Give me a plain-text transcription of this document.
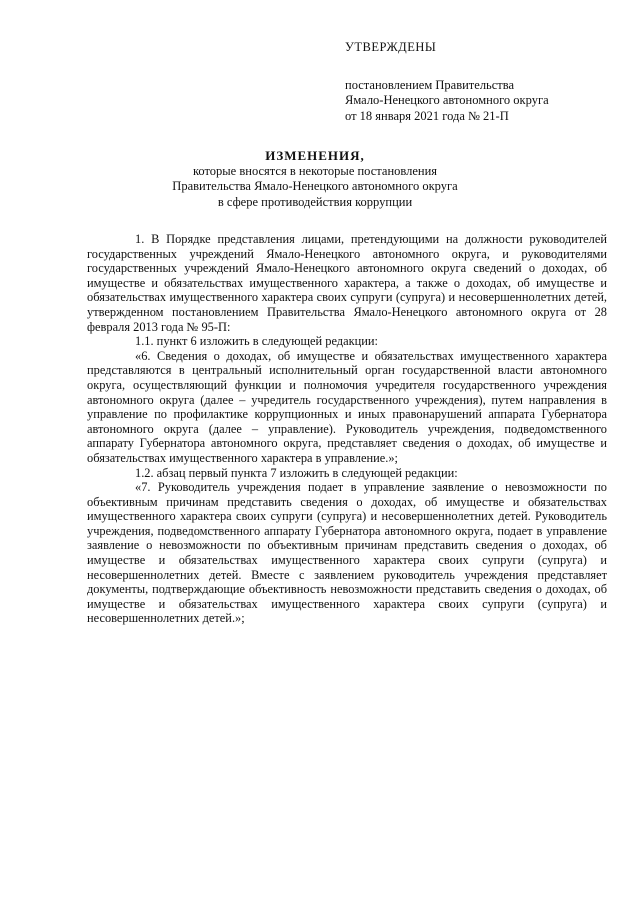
УТВЕРЖДЕНЫ
постановлением Правительства
Ямало-Ненецкого автономного округа
от 18 января 2021 года № 21-П
ИЗМЕНЕНИЯ,
которые вносятся в некоторые постановления
Правительства Ямало-Ненецкого автономного округа
в сфере противодействия коррупции

1. В Порядке представления лицами, претендующими на должности руководителей государственных учреждений Ямало-Ненецкого автономного округа, и руководителями государственных учреждений Ямало-Ненецкого автономного округа сведений о доходах, об имуществе и обязательствах имущественного характера, а также о доходах, об имуществе и обязательствах имущественного характера своих супруги (супруга) и несовершеннолетних детей, утвержденном постановлением Правительства Ямало-Ненецкого автономного округа от 28 февраля 2013 года № 95-П:

1.1. пункт 6 изложить в следующей редакции:

«6. Сведения о доходах, об имуществе и обязательствах имущественного характера представляются в центральный исполнительный орган государственной власти автономного округа, осуществляющий функции и полномочия учредителя государственного учреждения автономного округа (далее – учредитель государственного учреждения), путем направления в управление по профилактике коррупционных и иных правонарушений аппарата Губернатора автономного округа (далее – управление). Руководитель учреждения, подведомственного аппарату Губернатора автономного округа, представляет сведения о доходах, об имуществе и обязательствах имущественного характера в управление.»;

1.2. абзац первый пункта 7 изложить в следующей редакции:

«7. Руководитель учреждения подает в управление заявление о невозможности по объективным причинам представить сведения о доходах, об имуществе и обязательствах имущественного характера своих супруги (супруга) и несовершеннолетних детей. Руководитель учреждения, подведомственного аппарату Губернатора автономного округа, подает в управление заявление о невозможности по объективным причинам представить сведения о доходах, об имуществе и обязательствах имущественного характера своих супруги (супруга) и несовершеннолетних детей. Вместе с заявлением руководитель учреждения представляет документы, подтверждающие объективность невозможности представить сведения о доходах, об имуществе и обязательствах имущественного характера своих супруги (супруга) и несовершеннолетних детей.»;
